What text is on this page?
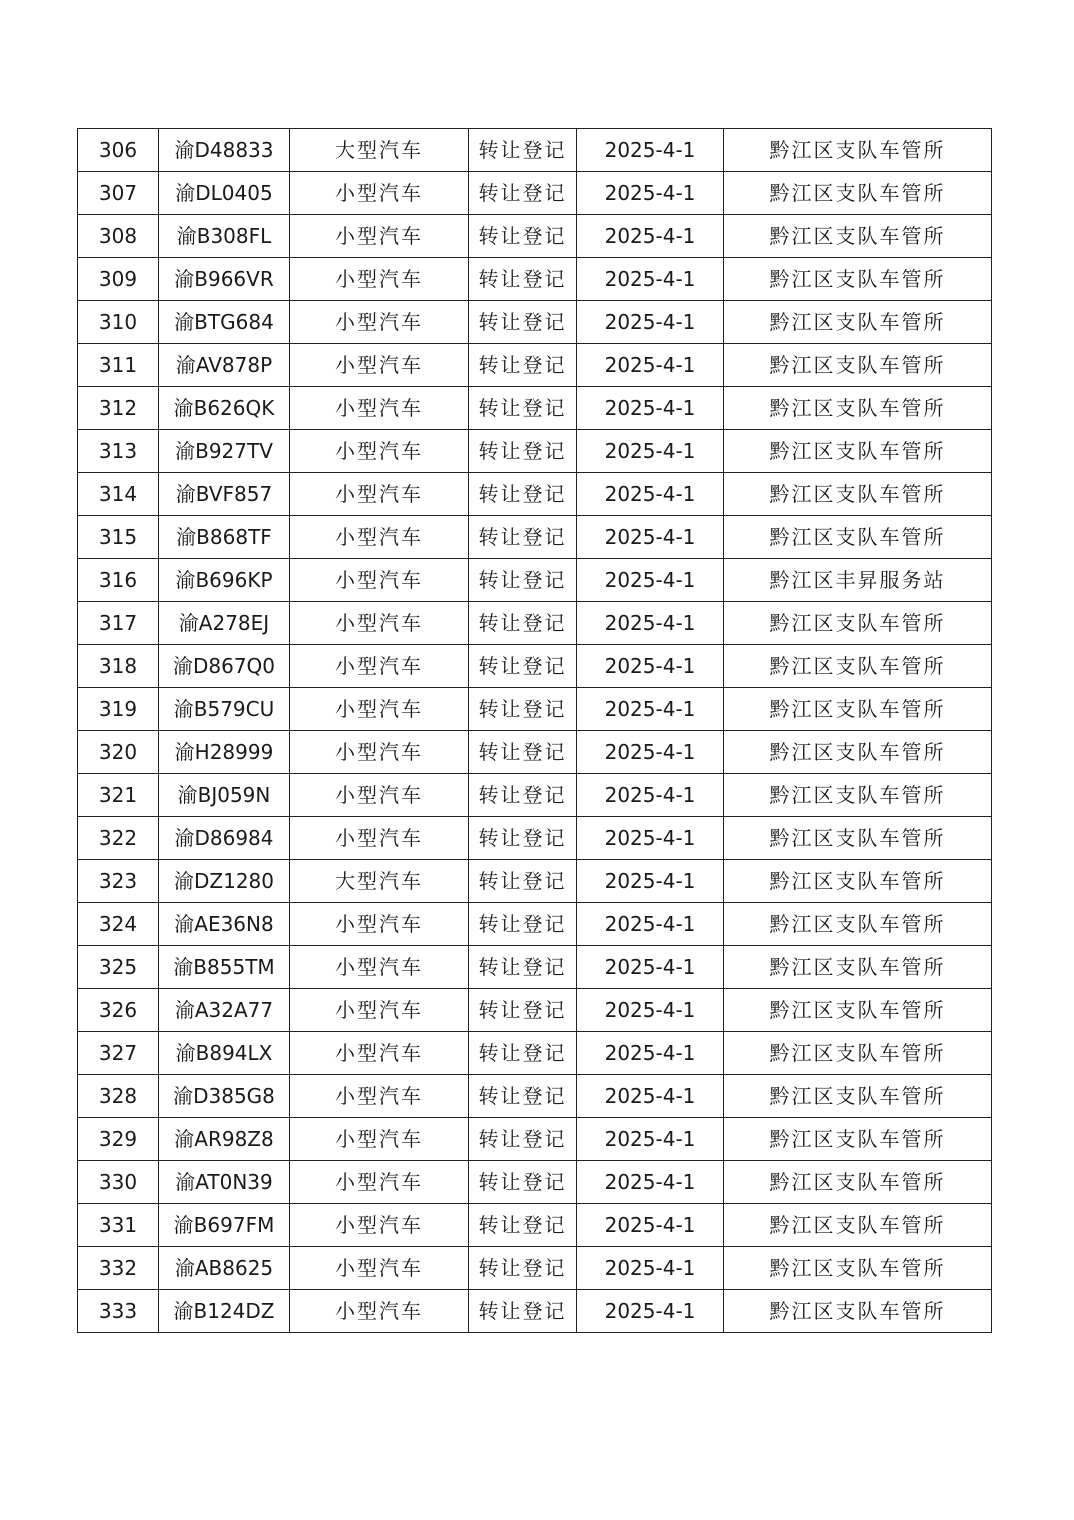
306	渝D48833	大型汽车	转让登记	2025-4-1	黔江区支队车管所
307	渝DL0405	小型汽车	转让登记	2025-4-1	黔江区支队车管所
308	渝B308FL	小型汽车	转让登记	2025-4-1	黔江区支队车管所
309	渝B966VR	小型汽车	转让登记	2025-4-1	黔江区支队车管所
310	渝BTG684	小型汽车	转让登记	2025-4-1	黔江区支队车管所
311	渝AV878P	小型汽车	转让登记	2025-4-1	黔江区支队车管所
312	渝B626QK	小型汽车	转让登记	2025-4-1	黔江区支队车管所
313	渝B927TV	小型汽车	转让登记	2025-4-1	黔江区支队车管所
314	渝BVF857	小型汽车	转让登记	2025-4-1	黔江区支队车管所
315	渝B868TF	小型汽车	转让登记	2025-4-1	黔江区支队车管所
316	渝B696KP	小型汽车	转让登记	2025-4-1	黔江区丰昇服务站
317	渝A278EJ	小型汽车	转让登记	2025-4-1	黔江区支队车管所
318	渝D867Q0	小型汽车	转让登记	2025-4-1	黔江区支队车管所
319	渝B579CU	小型汽车	转让登记	2025-4-1	黔江区支队车管所
320	渝H28999	小型汽车	转让登记	2025-4-1	黔江区支队车管所
321	渝BJ059N	小型汽车	转让登记	2025-4-1	黔江区支队车管所
322	渝D86984	小型汽车	转让登记	2025-4-1	黔江区支队车管所
323	渝DZ1280	大型汽车	转让登记	2025-4-1	黔江区支队车管所
324	渝AE36N8	小型汽车	转让登记	2025-4-1	黔江区支队车管所
325	渝B855TM	小型汽车	转让登记	2025-4-1	黔江区支队车管所
326	渝A32A77	小型汽车	转让登记	2025-4-1	黔江区支队车管所
327	渝B894LX	小型汽车	转让登记	2025-4-1	黔江区支队车管所
328	渝D385G8	小型汽车	转让登记	2025-4-1	黔江区支队车管所
329	渝AR98Z8	小型汽车	转让登记	2025-4-1	黔江区支队车管所
330	渝AT0N39	小型汽车	转让登记	2025-4-1	黔江区支队车管所
331	渝B697FM	小型汽车	转让登记	2025-4-1	黔江区支队车管所
332	渝AB8625	小型汽车	转让登记	2025-4-1	黔江区支队车管所
333	渝B124DZ	小型汽车	转让登记	2025-4-1	黔江区支队车管所
